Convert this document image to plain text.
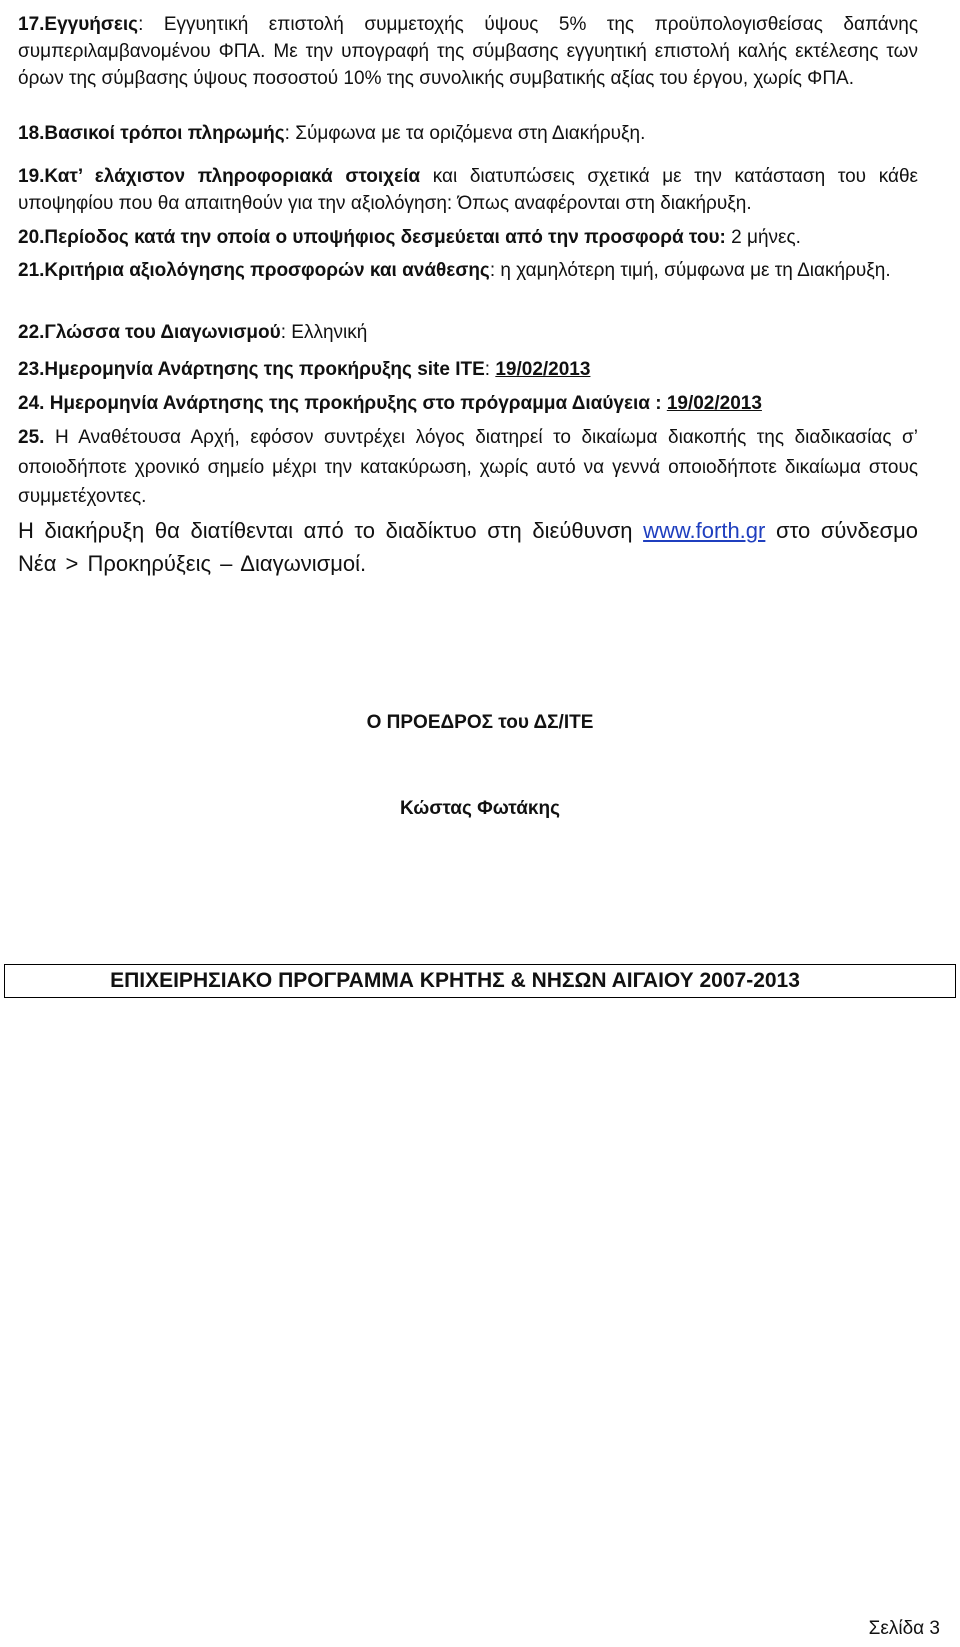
17.Εγγυήσεις: Εγγυητική επιστολή συμμετοχής ύψους 5% της προϋπολογισθείσας δαπάνης συμπεριλαμβανομένου ΦΠΑ. Με την υπογραφή της σύμβασης εγγυητική επιστολή καλής εκτέλεσης των όρων της σύμβασης ύψους ποσοστού 10% της συνολικής συμβατικής αξίας του έργου, χωρίς ΦΠΑ.

18.Βασικοί τρόποι πληρωμής: Σύμφωνα με τα οριζόμενα στη Διακήρυξη.

19.Κατ’ ελάχιστον πληροφοριακά στοιχεία και διατυπώσεις σχετικά με την κατάσταση του κάθε υποψηφίου που θα απαιτηθούν για την αξιολόγηση: Όπως αναφέρονται στη διακήρυξη.

20.Περίοδος κατά την οποία ο υποψήφιος δεσμεύεται από την προσφορά του: 2 μήνες.

21.Κριτήρια αξιολόγησης προσφορών και ανάθεσης: η χαμηλότερη τιμή, σύμφωνα με τη Διακήρυξη.

22.Γλώσσα του Διαγωνισμού: Ελληνική

23.Ημερομηνία Ανάρτησης της προκήρυξης site ΙΤΕ: 19/02/2013

24. Ημερομηνία Ανάρτησης της προκήρυξης στο πρόγραμμα Διαύγεια : 19/02/2013

25. Η Αναθέτουσα Αρχή, εφόσον συντρέχει λόγος διατηρεί το δικαίωμα διακοπής της διαδικασίας σ’ οποιοδήποτε χρονικό σημείο μέχρι την κατακύρωση, χωρίς αυτό να γεννά οποιοδήποτε δικαίωμα στους συμμετέχοντες.

Η διακήρυξη θα διατίθενται από το διαδίκτυο στη διεύθυνση www.forth.gr στο σύνδεσμο Νέα > Προκηρύξεις – Διαγωνισμοί.

Ο ΠΡΟΕΔΡΟΣ του ΔΣ/ΙΤΕ
Κώστας Φωτάκης
ΕΠΙΧΕΙΡΗΣΙΑΚΟ ΠΡΟΓΡΑΜΜΑ ΚΡΗΤΗΣ & ΝΗΣΩΝ ΑΙΓΑΙΟΥ 2007-2013
Σελίδα 3
